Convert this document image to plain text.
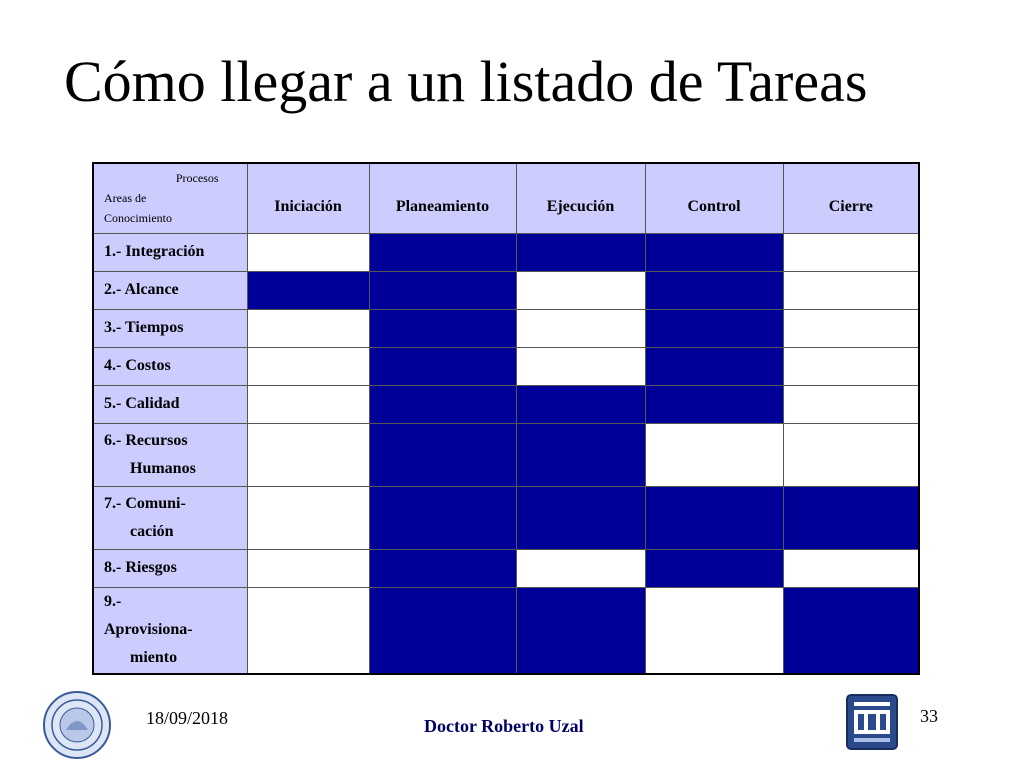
Cómo llegar a un listado de Tareas
Procesos
Areas de
Conocimiento	Iniciación	Planeamiento	Ejecución	Control	Cierre

1.- Integración					

2.- Alcance					

3.- Tiempos					

4.- Costos					

5.- Calidad					

6.- Recursos
Humanos					

7.- Comuni-
cación					

8.- Riesgos					

9.-
Aprovisiona-
miento					

18/09/2018	Doctor Roberto Uzal	33
